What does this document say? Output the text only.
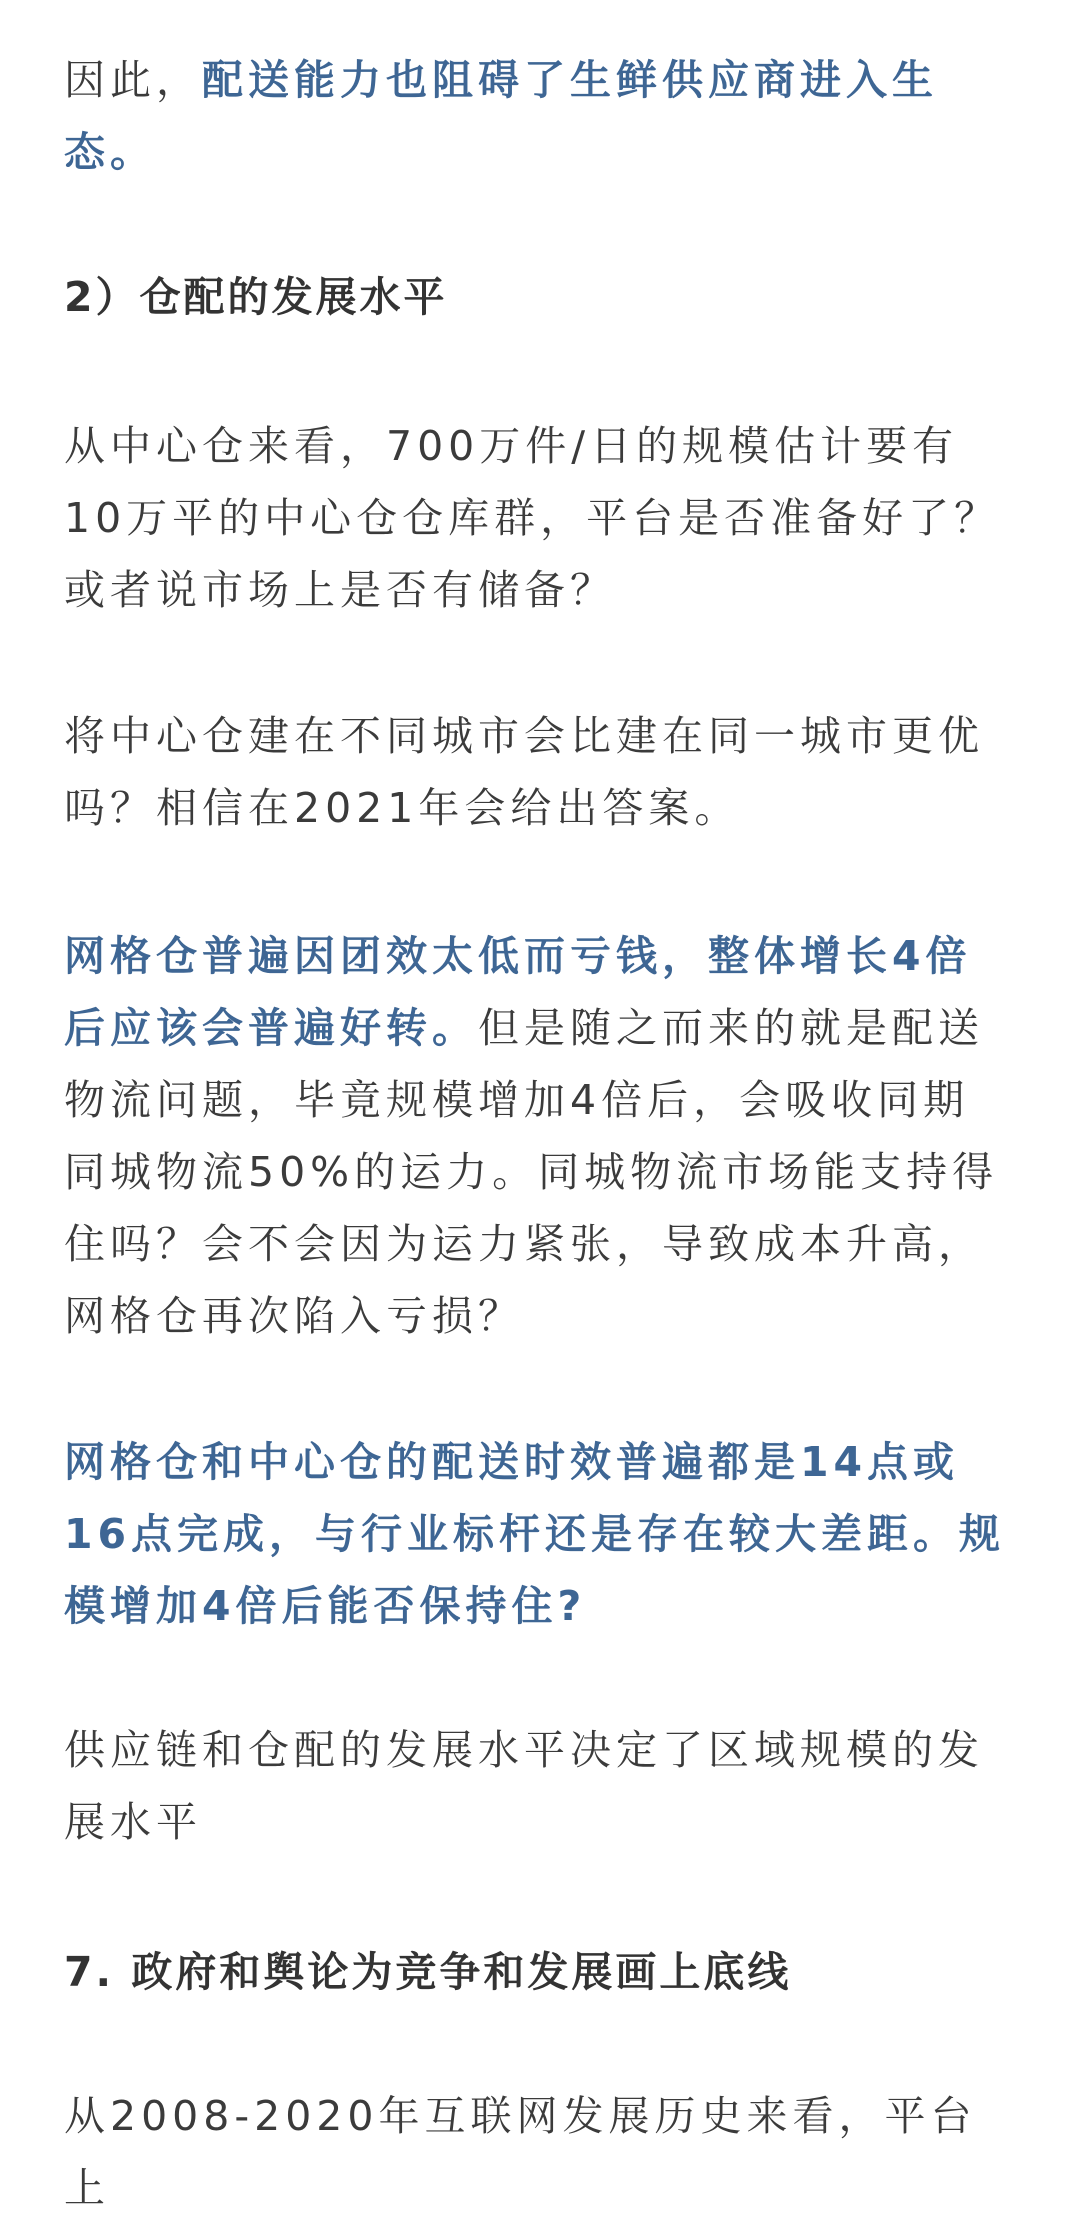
因此，配送能力也阻碍了生鲜供应商进入生态。

2）仓配的发展水平

从中心仓来看，700万件/日的规模估计要有10万平的中心仓仓库群，平台是否准备好了？或者说市场上是否有储备？

将中心仓建在不同城市会比建在同一城市更优吗？相信在2021年会给出答案。

网格仓普遍因团效太低而亏钱，整体增长4倍后应该会普遍好转。但是随之而来的就是配送物流问题，毕竟规模增加4倍后，会吸收同期同城物流50%的运力。同城物流市场能支持得住吗？会不会因为运力紧张，导致成本升高，网格仓再次陷入亏损？

网格仓和中心仓的配送时效普遍都是14点或16点完成，与行业标杆还是存在较大差距。规模增加4倍后能否保持住?

供应链和仓配的发展水平决定了区域规模的发展水平

7. 政府和舆论为竞争和发展画上底线

从2008-2020年互联网发展历史来看，平台上
